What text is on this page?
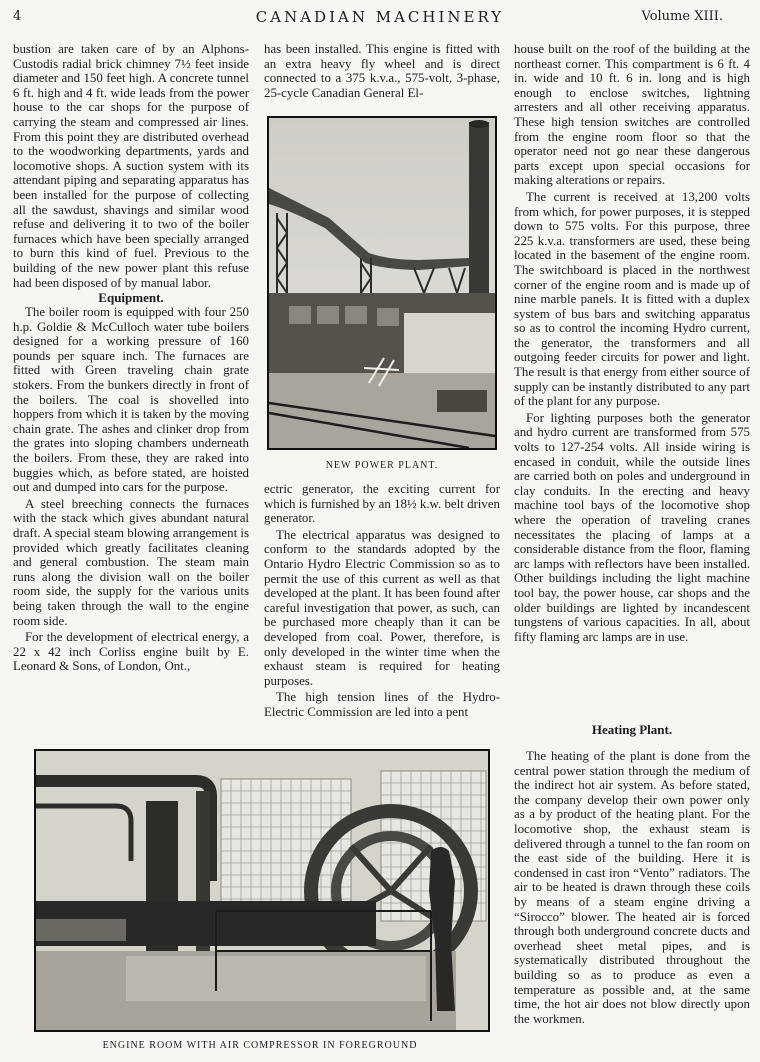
4	CANADIAN MACHINERY	Volume XIII.

bustion are taken care of by an Alphons-Custodis radial brick chimney 7½ feet inside diameter and 150 feet high. A concrete tunnel 6 ft. high and 4 ft. wide leads from the power house to the car shops for the purpose of carrying the steam and compressed air lines. From this point they are distributed overhead to the woodworking departments, yards and locomotive shops. A suction system with its attendant piping and separating apparatus has been installed for the purpose of collecting all the sawdust, shavings and similar wood refuse and delivering it to two of the boiler furnaces which have been specially arranged to burn this kind of fuel. Previous to the building of the new power plant this refuse had been disposed of by manual labor.

Equipment.

The boiler room is equipped with four 250 h.p. Goldie & McCulloch water tube boilers designed for a working pressure of 160 pounds per square inch. The furnaces are fitted with Green traveling chain grate stokers. From the bunkers directly in front of the boilers. The coal is shovelled into hoppers from which it is taken by the moving chain grate. The ashes and clinker drop from the grates into sloping chambers underneath the boilers. From these, they are raked into buggies which, as before stated, are hoisted out and dumped into cars for the purpose.

A steel breeching connects the furnaces with the stack which gives abundant natural draft. A special steam blowing arrangement is provided which greatly facilitates cleaning and general combustion. The steam main runs along the division wall on the boiler room side, the supply for the various units being taken through the wall to the engine room side.

For the development of electrical energy, a 22 x 42 inch Corliss engine built by E. Leonard & Sons, of London, Ont.,

has been installed. This engine is fitted with an extra heavy fly wheel and is direct connected to a 375 k.v.a., 575-volt, 3-phase, 25-cycle Canadian General El-

NEW POWER PLANT.

ectric generator, the exciting current for which is furnished by an 18½ k.w. belt driven generator.

The electrical apparatus was designed to conform to the standards adopted by the Ontario Hydro Electric Commission so as to permit the use of this current as well as that developed at the plant. It has been found after careful investigation that power, as such, can be purchased more cheaply than it can be developed from coal. Power, therefore, is only developed in the winter time when the exhaust steam is required for heating purposes.

The high tension lines of the Hydro-Electric Commission are led into a pent

house built on the roof of the building at the northeast corner. This compartment is 6 ft. 4 in. wide and 10 ft. 6 in. long and is high enough to enclose switches, lightning arresters and all other receiving apparatus. These high tension switches are controlled from the engine room floor so that the operator need not go near these dangerous parts except upon special occasions for making alterations or repairs.

The current is received at 13,200 volts from which, for power purposes, it is stepped down to 575 volts. For this purpose, three 225 k.v.a. transformers are used, these being located in the basement of the engine room. The switchboard is placed in the northwest corner of the engine room and is made up of nine marble panels. It is fitted with a duplex system of bus bars and switching apparatus so as to control the incoming Hydro current, the generator, the transformers and all outgoing feeder circuits for power and light. The result is that energy from either source of supply can be instantly distributed to any part of the plant for any purpose.

For lighting purposes both the generator and hydro current are transformed from 575 volts to 127-254 volts. All inside wiring is encased in conduit, while the outside lines are carried both on poles and underground in clay conduits. In the erecting and heavy machine tool bays of the locomotive shop where the operation of traveling cranes necessitates the placing of lamps at a considerable distance from the floor, flaming arc lamps with reflectors have been installed. Other buildings including the light machine tool bay, the power house, car shops and the older buildings are lighted by incandescent tungstens of various capacities. In all, about fifty flaming arc lamps are in use.

Heating Plant.

The heating of the plant is done from the central power station through the medium of the indirect hot air system. As before stated, the company develop their own power only as a by product of the heating plant. For the locomotive shop, the exhaust steam is delivered through a tunnel to the fan room on the east side of the building. Here it is condensed in cast iron “Vento” radiators. The air to be heated is drawn through these coils by means of a steam engine driving a “Sirocco” blower. The heated air is forced through both underground concrete ducts and overhead sheet metal pipes, and is systematically distributed throughout the building so as to produce as even a temperature as possible and, at the same time, the hot air does not blow directly upon the workmen.

ENGINE ROOM WITH AIR COMPRESSOR IN FOREGROUND
